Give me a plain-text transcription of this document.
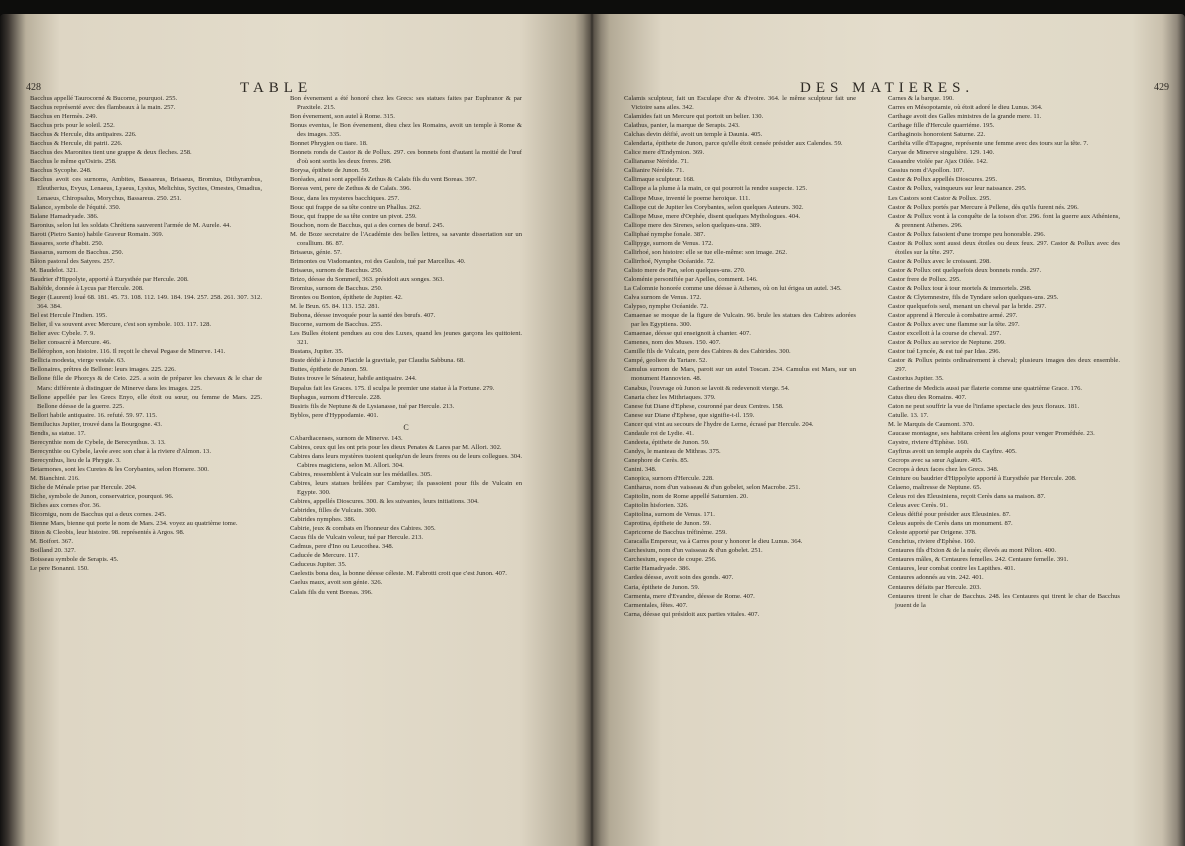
428	TABLE

Bacchus appellé Taurocorné & Bucorne, pourquoi. 255.

Bacchus représenté avec des flambeaux à la main. 257.

Bacchus en Hermès. 249.

Bacchus pris pour le soleil. 252.

Bacchus & Hercule, dits antipaires. 226.

Bacchus & Hercule, dii patrii. 226.

Bacchus des Maronites tient une grappe & deux fleches. 258.

Bacchus le même qu'Osiris. 258.

Bacchus Sycophe. 248.

Bacchus avoit ces surnoms, Ambites, Bassareus, Brisaeus, Bromius, Dithyrambus, Eleutherius, Evyus, Lenaeus, Lyaeus, Lysius, Melichius, Sycites, Omestes, Omadius, Lenaeus, Chiropsalus, Morychus, Bassareus. 250. 251.

Balance, symbole de l'équité. 350.

Balane Hamadryade. 386.

Baronius, selon lui les soldats Chrétiens sauverent l'armée de M. Aurele. 44.

Baroti (Pietro Santo) habile Graveur Romain. 369.

Bassares, sorte d'habit. 250.

Bassarus, surnom de Bacchus. 250.

Bâton pastoral des Satyres. 257.

M. Baudelot. 321.

Baudrier d'Hippolyte, apporté à Eurysthée par Hercule. 208.

Baltéïde, donnée à Lycus par Hercule. 208.

Beger (Laurent) loué 68. 181. 45. 73. 108. 112. 149. 184. 194. 257. 258. 261. 307. 312. 364. 384.

Bel est Hercule l'Indien. 195.

Belier, il va souvent avec Mercure, c'est son symbole. 103. 117. 128.

Belier avec Cybele. 7. 9.

Belier consacré à Mercure. 46.

Bellérophon, son histoire. 116. Il reçoit le cheval Pegase de Minerve. 141.

Bellicia modesta, vierge vestale. 63.

Bellonaires, prêtres de Bellone: leurs images. 225. 226.

Bellone fille de Phorcys & de Ceto. 225. a soin de préparer les chevaux & le char de Mars: différente à distinguer de Minerve dans les images. 225.

Bellone appellée par les Grecs Enyo, elle étoit ou sœur, ou femme de Mars. 225. Bellone déesse de la guerre. 225.

Bellori habile antiquaire. 16. refuté. 59. 97. 115.

Bemilucius Jupiter, trouvé dans la Bourgogne. 43.

Bendis, sa statue. 17.

Berecynthie nom de Cybele, de Berecynthus. 3. 13.

Berecynthie ou Cybele, lavée avec son char à la riviere d'Almon. 13.

Berecynthus, lieu de la Phrygie. 3.

Betarmones, sont les Curetes & les Corybantes, selon Homere. 300.

M. Bianchini. 216.

Biche de Ménale prise par Hercule. 204.

Biche, symbole de Junon, conservatrice, pourquoi. 96.

Biches aux cornes d'or. 36.

Bicornigu, nom de Bacchus qui a deux cornes. 245.

Bienne Mars, bienne qui porte le nom de Mars. 234. voyez au quatrième tome.

Biton & Cleobis, leur histoire. 98. représentés à Argos. 98.

M. Boifort. 367.

Boilland 20. 327.

Boisseau symbole de Serapis. 45.

Le pere Bonanni. 150.

Bon évenement a été honoré chez les Grecs: ses statues faites par Euphranor & par Praxitele. 215.

Bon évenement, son autel à Rome. 315.

Bonus eventus, le Bon évenement, dieu chez les Romains, avoit un temple à Rome & des images. 335.

Bonnet Phrygien ou tiare. 18.

Bonnets ronds de Castor & de Pollux. 297. ces bonnets font d'autant la moitié de l'œuf d'où sont sortis les deux freres. 298.

Borysa, épithete de Junon. 59.

Boréades, ainsi sont appellés Zethus & Calaïs fils du vent Boreas. 397.

Boreas vent, pere de Zethus & de Calaïs. 396.

Bouc, dans les mysteres bacchiques. 257.

Bouc qui frappe de sa tête contre un Phallus. 262.

Bouc, qui frappe de sa tête contre un pivot. 259.

Bouchon, nom de Bacchus, qui a des cornes de bœuf. 245.

M. de Boze secretaire de l'Académie des belles lettres, sa savante dissertation sur un corallium. 86. 87.

Brisaeus, génie. 57.

Brimontes ou Visdomantes, roi des Gaulois, tué par Marcellus. 40.

Brisaeus, surnom de Bacchus. 250.

Brizo, déesse du Sommeil, 363. présidoit aux songes. 363.

Bromius, surnom de Bacchus. 250.

Brontes ou Bonton, épithete de Jupiter. 42.

M. le Brun. 65. 84. 113. 152. 281.

Bubona, déesse invoquée pour la santé des bœufs. 407.

Bucorne, surnom de Bacchus. 255.

Les Bulles étoient pendues au cou des Luxes, quand les jeunes garçons les quittoient. 321.

Bustans, Jupiter. 35.

Buste dédié à Junon Placide la gravitale, par Claudia Sabbuna. 68.

Buttes, épithete de Junon. 59.

Butes trouve le Sénateur, habile antiquaire. 244.

Bupalus fait les Graces. 175. il sculpa le premier une statue à la Fortune. 279.

Buphagus, surnom d'Hercule. 228.

Busiris fils de Neptune & de Lysianasse, tué par Hercule. 213.

Byblos, pere d'Hyppodamie. 401.

C

CAbardiacenses, surnom de Minerve. 143.

Cabires, ceux qui les ont pris pour les dieux Penates & Lares par M. Allori. 302.

Cabires dans leurs mystères tuoient quelqu'un de leurs freres ou de leurs collegues. 304. Cabires magiciens, selon M. Allori. 304.

Cabires, ressemblent à Vulcain sur les médailles. 305.

Cabires, leurs statues brûlées par Cambyse; ils passoient pour fils de Vulcain en Egypte. 300.

Cabires, appellés Dioscures. 300. & les suivantes, leurs initiations. 304.

Cabirides, filles de Vulcain. 300.

Cabirides nymphes. 386.

Cabirie, jeux & combats en l'honneur des Cabires. 305.

Cacus fils de Vulcain voleur, tué par Hercule. 213.

Cadmus, pere d'Ino ou Leucothea. 348.

Caducée de Mercure. 117.

Caduceus Jupiter. 35.

Caelestis bona dea, la bonne déesse céleste. M. Fabrotti croit que c'est Junon. 407.

Caelus maux, avoit son génie. 326.

Calaïs fils du vent Boreas. 396.

429
DES MATIERES.

Calamis sculpteur, fait un Esculape d'or & d'ivoire. 364. le même sculpteur fait une Victoire sans ailes. 342.

Calamides fait un Mercure qui portoit un belier. 130.

Calathus, panier, la marque de Serapis. 243.

Calchas devin déifié, avoit un temple à Daunia. 405.

Calendaria, épithete de Junon, parce qu'elle étoit censée présider aux Calendes. 59.

Calice mere d'Endymion. 369.

Calliananse Néréide. 71.

Callianire Néréide. 71.

Callimaque sculpteur. 168.

Calliope a la plume à la main, ce qui pourroit la rendre suspecte. 125.

Calliope Muse, inventé le poeme heroique. 111.

Calliope cut de Jupiter les Corybantes, selon quelques Auteurs. 302.

Calliope Muse, mere d'Orphée, disent quelques Mythologues. 404.

Calliope mere des Sirenes, selon quelques-uns. 389.

Calliphaé nymphe fonale. 387.

Callipyge, surnom de Venus. 172.

Callirhoé, son histoire: elle se tue elle-même: son image. 262.

Callirrhoé, Nymphe Océanide. 72.

Calisto mere de Pan, selon quelques-uns. 270.

Caloménie personifiée par Apelles, comment. 146.

La Calomnie honorée comme une déesse à Athenes, où on lui érigea un autel. 345.

Calva surnom de Venus. 172.

Calypso, nymphe Océanide. 72.

Camaenae se moque de la figure de Vulcain. 96. brule les statues des Cabires adorées par les Egyptiens. 300.

Camaenae, déesse qui enseignoit à chanter. 407.

Camenes, nom des Muses. 150. 407.

Camille fils de Vulcain, pere des Cabires & des Cabirides. 300.

Campé, geoliere du Tartare. 52.

Camulus surnom de Mars, paroit sur un autel Toscan. 234. Camulus est Mars, sur un monument Hannovien. 48.

Canabus, l'ouvrage où Junon se lavoit & redevenoit vierge. 54.

Canaria chez les Mithriaques. 379.

Canese fut Diane d'Ephese, couronné par deux Centres. 158.

Canese sur Diane d'Ephese, que signifie-t-il. 159.

Cancer qui vint au secours de l'hydre de Lerne, écrasé par Hercule. 204.

Candaule roi de Lydie. 41.

Candeeia, épithete de Junon. 59.

Candys, le manteau de Mithras. 375.

Canephore de Cerès. 85.

Canini. 348.

Canopica, surnom d'Hercule. 228.

Cantharus, nom d'un vaisseau & d'un gobelet, selon Macrobe. 251.

Capitolin, nom de Rome appellé Saturnien. 20.

Capitolin hisforien. 326.

Capitolina, surnom de Venus. 171.

Caprotina, épithete de Junon. 59.

Capricorne de Bacchus tréfinème. 259.

Caracalla Empereur, va à Carres pour y honorer le dieu Lunus. 364.

Carchesium, nom d'un vaisseau & d'un gobelet. 251.

Carchesium, espece de coupe. 256.

Carite Hamadryade. 386.

Cardea déesse, avoit soin des gonds. 407.

Caria, épithete de Junon. 59.

Carmenta, mere d'Evandre, déesse de Rome. 407.

Carmentales, fêtes. 407.

Carna, déesse qui présidoit aux parties vitales. 407.

Carnes & la barque. 190.

Carres en Mésopotamie, où étoit adoré le dieu Lunus. 364.

Carthage avoit des Galles ministres de la grande mere. 11.

Carthage fille d'Hercule quarriéme. 195.

Carthaginois honoroient Saturne. 22.

Carthéïa ville d'Espagne, représente une femme avec des tours sur la tête. 7.

Caryae de Minerve singulière. 129. 140.

Cassandre violée par Ajax Oilée. 142.

Cassius nom d'Apollon. 107.

Castor & Pollux appellés Dioscures. 295.

Castor & Pollux, vainqueurs sur leur naissance. 295.

Les Castors sont Castor & Pollux. 295.

Castor & Pollux portés par Mercure à Pellene, dès qu'ils furent nés. 296.

Castor & Pollux vont à la conquête de la toison d'or. 296. font la guerre aux Athéniens, & prennent Athenes. 296.

Castor & Pollux faisoient d'une trompe peu honorable. 296.

Castor & Pollux sont aussi deux étoiles ou deux feux. 297. Castor & Pollux avec des étoiles sur la tête. 297.

Castor & Pollux avec le croissant. 298.

Castor & Pollux ont quelquefois deux bonnets ronds. 297.

Castor frere de Pollux. 295.

Castor & Pollux tour à tour mortels & immortels. 298.

Castor & Clytemnestre, fils de Tyndare selon quelques-uns. 295.

Castor quelquefois seul, menant un cheval par la bride. 297.

Castor apprend à Hercule à combattre armé. 297.

Castor & Pollux avec une flamme sur la tête. 297.

Castor excelloit à la course de cheval. 297.

Castor & Pollux au service de Neptune. 299.

Castor tué Lyncée, & est tué par Idas. 296.

Castor & Pollux peints ordinairement à cheval; plusieurs images des deux ensemble. 297.

Castorius Jupiter. 35.

Catherine de Medicis aussi par flaterie comme une quatrième Grace. 176.

Catus dieu des Romains. 407.

Caton ne peut souffrir la vue de l'infame spectacle des jeux floraux. 181.

Catulle. 13. 17.

M. le Marquis de Caumont. 370.

Caucase montagne, ses habitans crèent les aiglons pour venger Prométhée. 23.

Caystre, riviere d'Ephèse. 160.

Cayftrus avoit un temple auprès du Cayftre. 405.

Cecrops avec sa sœur Aglaure. 405.

Cecrops à deux faces chez les Grecs. 348.

Ceinture ou baudrier d'Hippolyte apporté à Eurysthée par Hercule. 208.

Celaeno, maîtresse de Neptune. 65.

Celeus roi des Eleusiniens, reçoit Cerès dans sa maison. 87.

Celeus avec Cerès. 91.

Celeus déifié pour présider aux Eleusinies. 87.

Celeus auprès de Cerès dans un monument. 87.

Celeste apporté par Origene. 378.

Cenchrius, riviere d'Ephèse. 160.

Centaures fils d'Ixion & de la nuée; élevés au mont Pélion. 400.

Centaures mâles, & Centaures femelles. 242. Centaure femelle. 391.

Centaures, leur combat contre les Lapithes. 401.

Centaures adonnés au vin. 242. 401.

Centaures défaits par Hercule. 203.

Centaures tirent le char de Bacchus. 248. les Centaures qui tirent le char de Bacchus jouent de la
